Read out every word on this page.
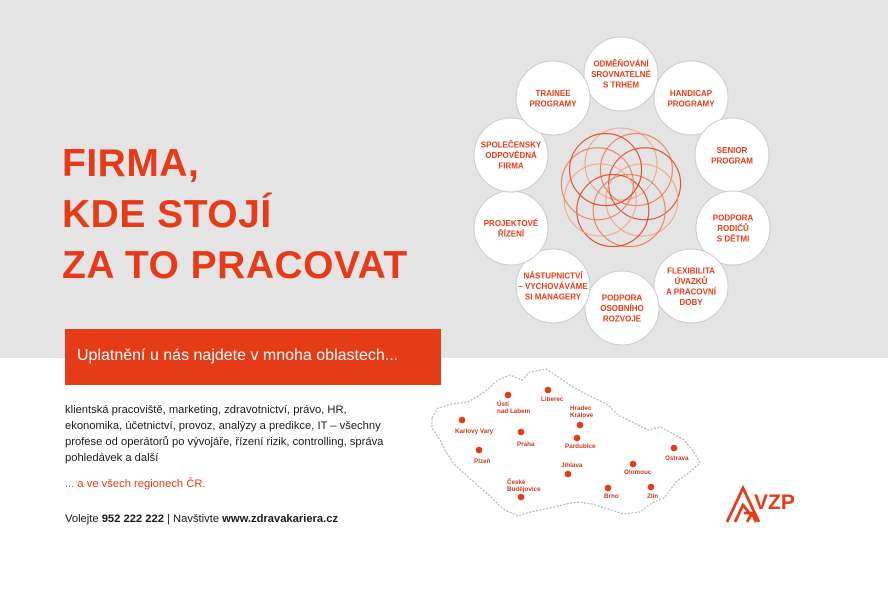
FIRMA,
KDE STOJÍ
ZA TO PRACOVAT
ODMĚŇOVÁNÍ
SROVNATELNÉ
S TRHEM
HANDICAP
PROGRAMY
SENIOR
PROGRAM
PODPORA
RODIČŮ
S DĚTMI
FLEXIBILITA
ÚVAZKŮ
A PRACOVNÍ
DOBY
PODPORA
OSOBNÍHO
ROZVOJE
NÁSTUPNICTVÍ
– VYCHOVÁVÁME
SI MANAGERY
PROJEKTOVÉ
ŘÍZENÍ
SPOLEČENSKY
ODPOVĚDNÁ
FIRMA
TRAINEE
PROGRAMY
Uplatnění u nás najdete v mnoha oblastech...

klientská pracoviště, marketing, zdravotnictví, právo, HR,
ekonomika, účetnictví, provoz, analýzy a predikce, IT – všechny
profese od operátorů po vývojáře, řízení rizik, controlling, správa
pohledávek a další

... a ve všech regionech ČR.

Volejte 952 222 222 | Navštivte www.zdravakariera.cz

Ústí
nad Labem
Liberec
Hradec
Králové
Karlovy Vary
Praha	Pardubice
Plzeň
Jihlava
Olomouc
Ostrava
České
Budějovice
Brno	Zlín	VZP
